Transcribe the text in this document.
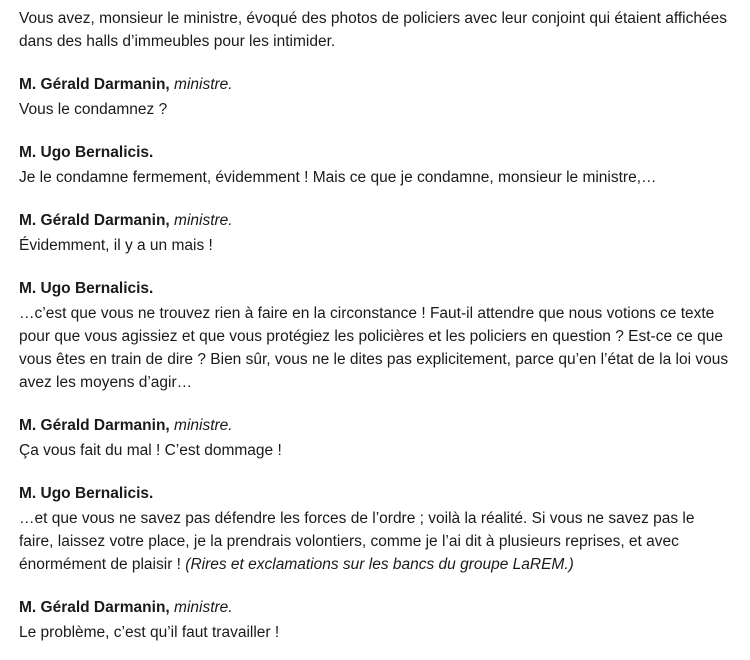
Vous avez, monsieur le ministre, évoqué des photos de policiers avec leur conjoint qui étaient affichées dans des halls d’immeubles pour les intimider.

M. Gérald Darmanin, ministre.

Vous le condamnez ?

M. Ugo Bernalicis.

Je le condamne fermement, évidemment ! Mais ce que je condamne, monsieur le ministre,…

M. Gérald Darmanin, ministre.

Évidemment, il y a un mais !

M. Ugo Bernalicis.

…c’est que vous ne trouvez rien à faire en la circonstance ! Faut-il attendre que nous votions ce texte pour que vous agissiez et que vous protégiez les policières et les policiers en question ? Est-ce ce que vous êtes en train de dire ? Bien sûr, vous ne le dites pas explicitement, parce qu’en l’état de la loi vous avez les moyens d’agir…

M. Gérald Darmanin, ministre.

Ça vous fait du mal ! C’est dommage !

M. Ugo Bernalicis.

…et que vous ne savez pas défendre les forces de l’ordre ; voilà la réalité. Si vous ne savez pas le faire, laissez votre place, je la prendrais volontiers, comme je l’ai dit à plusieurs reprises, et avec énormément de plaisir ! (Rires et exclamations sur les bancs du groupe LaREM.)

M. Gérald Darmanin, ministre.

Le problème, c’est qu’il faut travailler !
